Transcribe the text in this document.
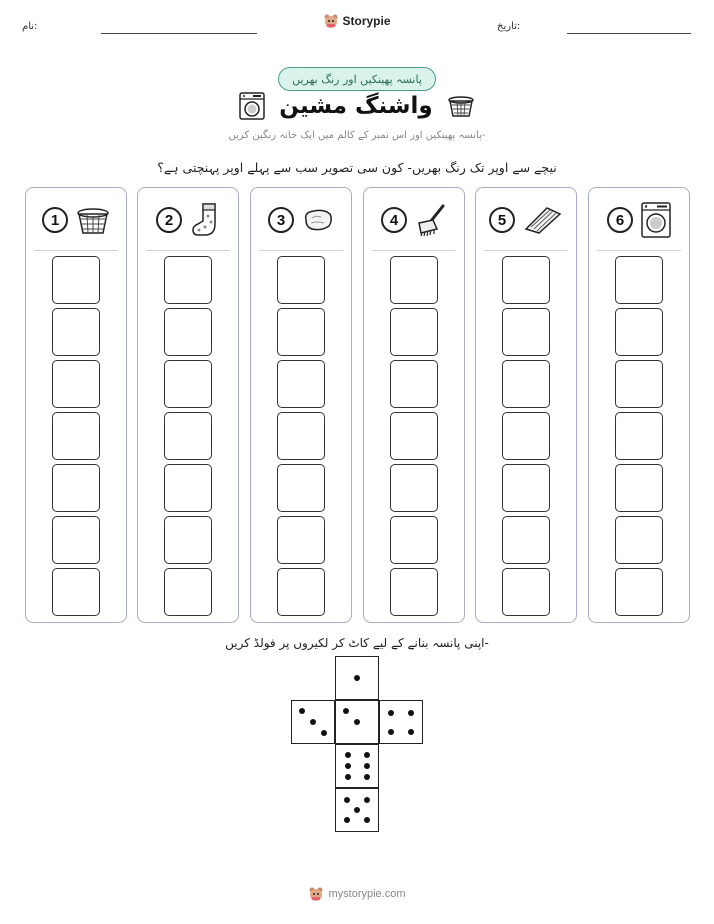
نام:	Storypie	تاریخ:
پانسہ پھینکیں اور رنگ بھریں
واشنگ مشین
پانسہ پھینکیں اور اس نمبر کے کالم میں ایک خانہ رنگین کریں-
نیچے سے اوپر تک رنگ بھریں- کون سی تصویر سب سے پہلے اوپر پہنچتی ہے؟
1	2	3	4	5	6
اپنی پانسہ بنانے کے لیے کاٹ کر لکیروں پر فولڈ کریں-
mystorypie.com
